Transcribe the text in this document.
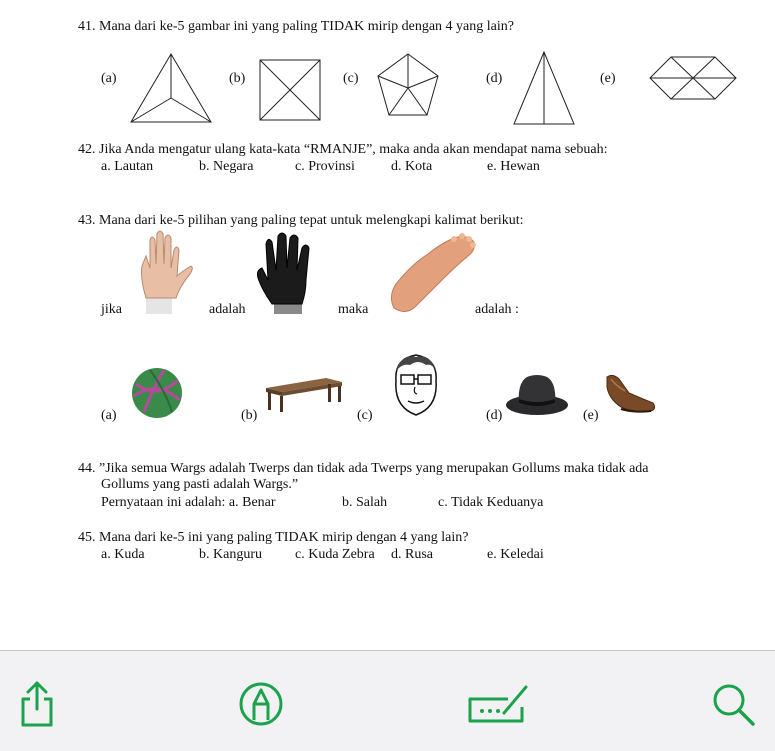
41. Mana dari ke-5 gambar ini yang paling TIDAK mirip dengan 4 yang lain?
(a)	(b)	(c)	(d)	(e)
42. Jika Anda mengatur ulang kata-kata “RMANJE”, maka anda akan mendapat nama sebuah:
a. Lautan	b. Negara	c. Provinsi	d. Kota	e. Hewan
43. Mana dari ke-5 pilihan yang paling tepat untuk melengkapi kalimat berikut:
jika	adalah	maka	adalah :
(a)	(b)	(c)	(d)	(e)
44. ”Jika semua Wargs adalah Twerps dan tidak ada Twerps yang merupakan Gollums maka tidak ada
Gollums yang pasti adalah Wargs.”
Pernyataan ini adalah: a. Benar	b. Salah	c. Tidak Keduanya
45. Mana dari ke-5 ini yang paling TIDAK mirip dengan 4 yang lain?
a. Kuda	b. Kanguru c. Kuda Zebra d. Rusa	e. Keledai
